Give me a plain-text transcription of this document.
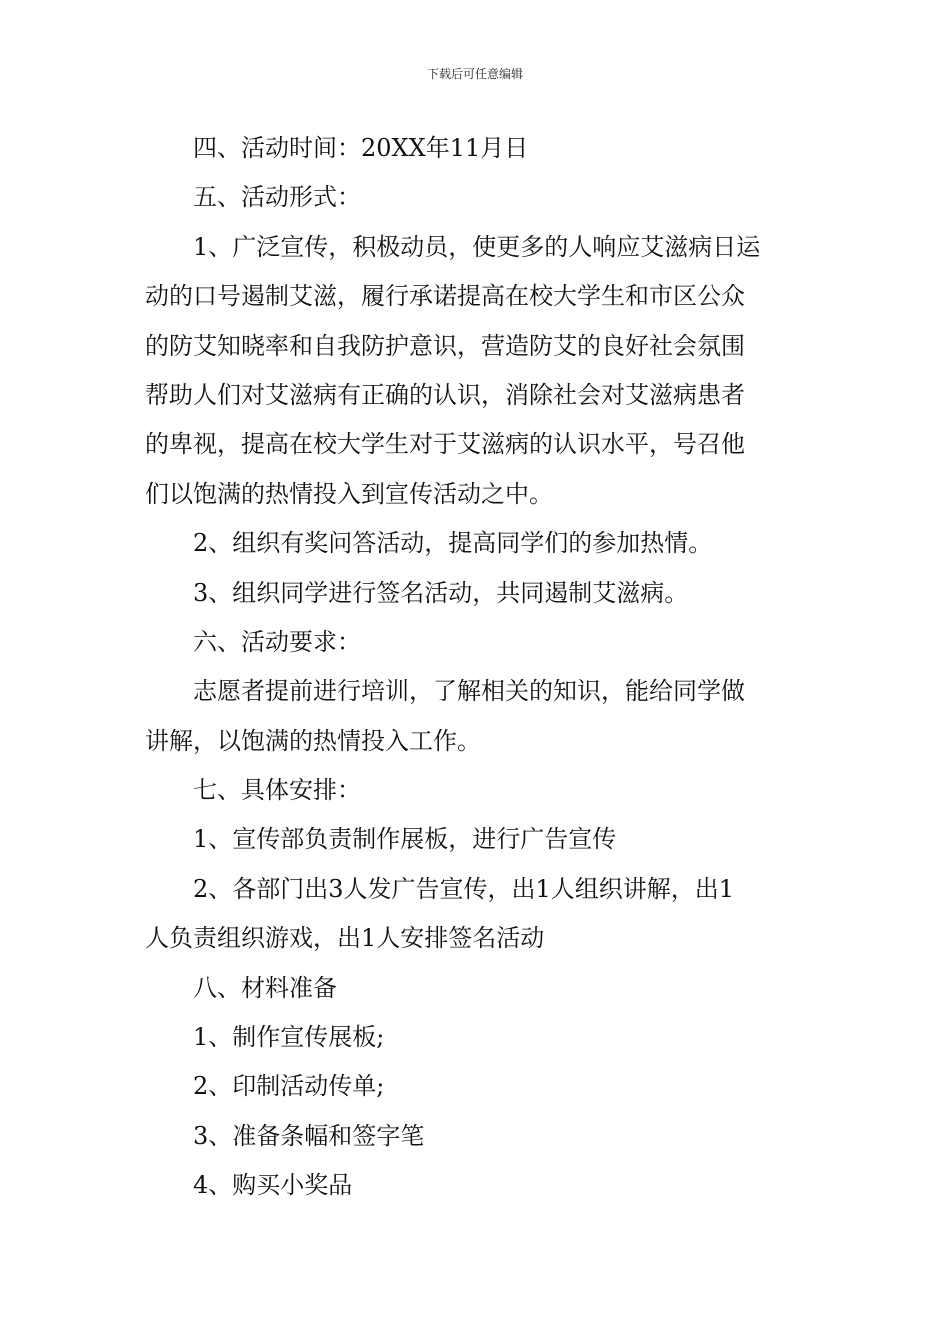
下载后可任意编辑
四、活动时间：20XX年11月日
五、活动形式：
1、广泛宣传，积极动员，使更多的人响应艾滋病日运
动的口号遏制艾滋，履行承诺提高在校大学生和市区公众
的防艾知晓率和自我防护意识，营造防艾的良好社会氛围
帮助人们对艾滋病有正确的认识，消除社会对艾滋病患者
的卑视，提高在校大学生对于艾滋病的认识水平，号召他
们以饱满的热情投入到宣传活动之中。
2、组织有奖问答活动，提高同学们的参加热情。
3、组织同学进行签名活动，共同遏制艾滋病。
六、活动要求：
志愿者提前进行培训，了解相关的知识，能给同学做
讲解，以饱满的热情投入工作。
七、具体安排：
1、宣传部负责制作展板，进行广告宣传
2、各部门出3人发广告宣传，出1人组织讲解，出1
人负责组织游戏，出1人安排签名活动
八、材料准备
1、制作宣传展板;
2、印制活动传单;
3、准备条幅和签字笔
4、购买小奖品
